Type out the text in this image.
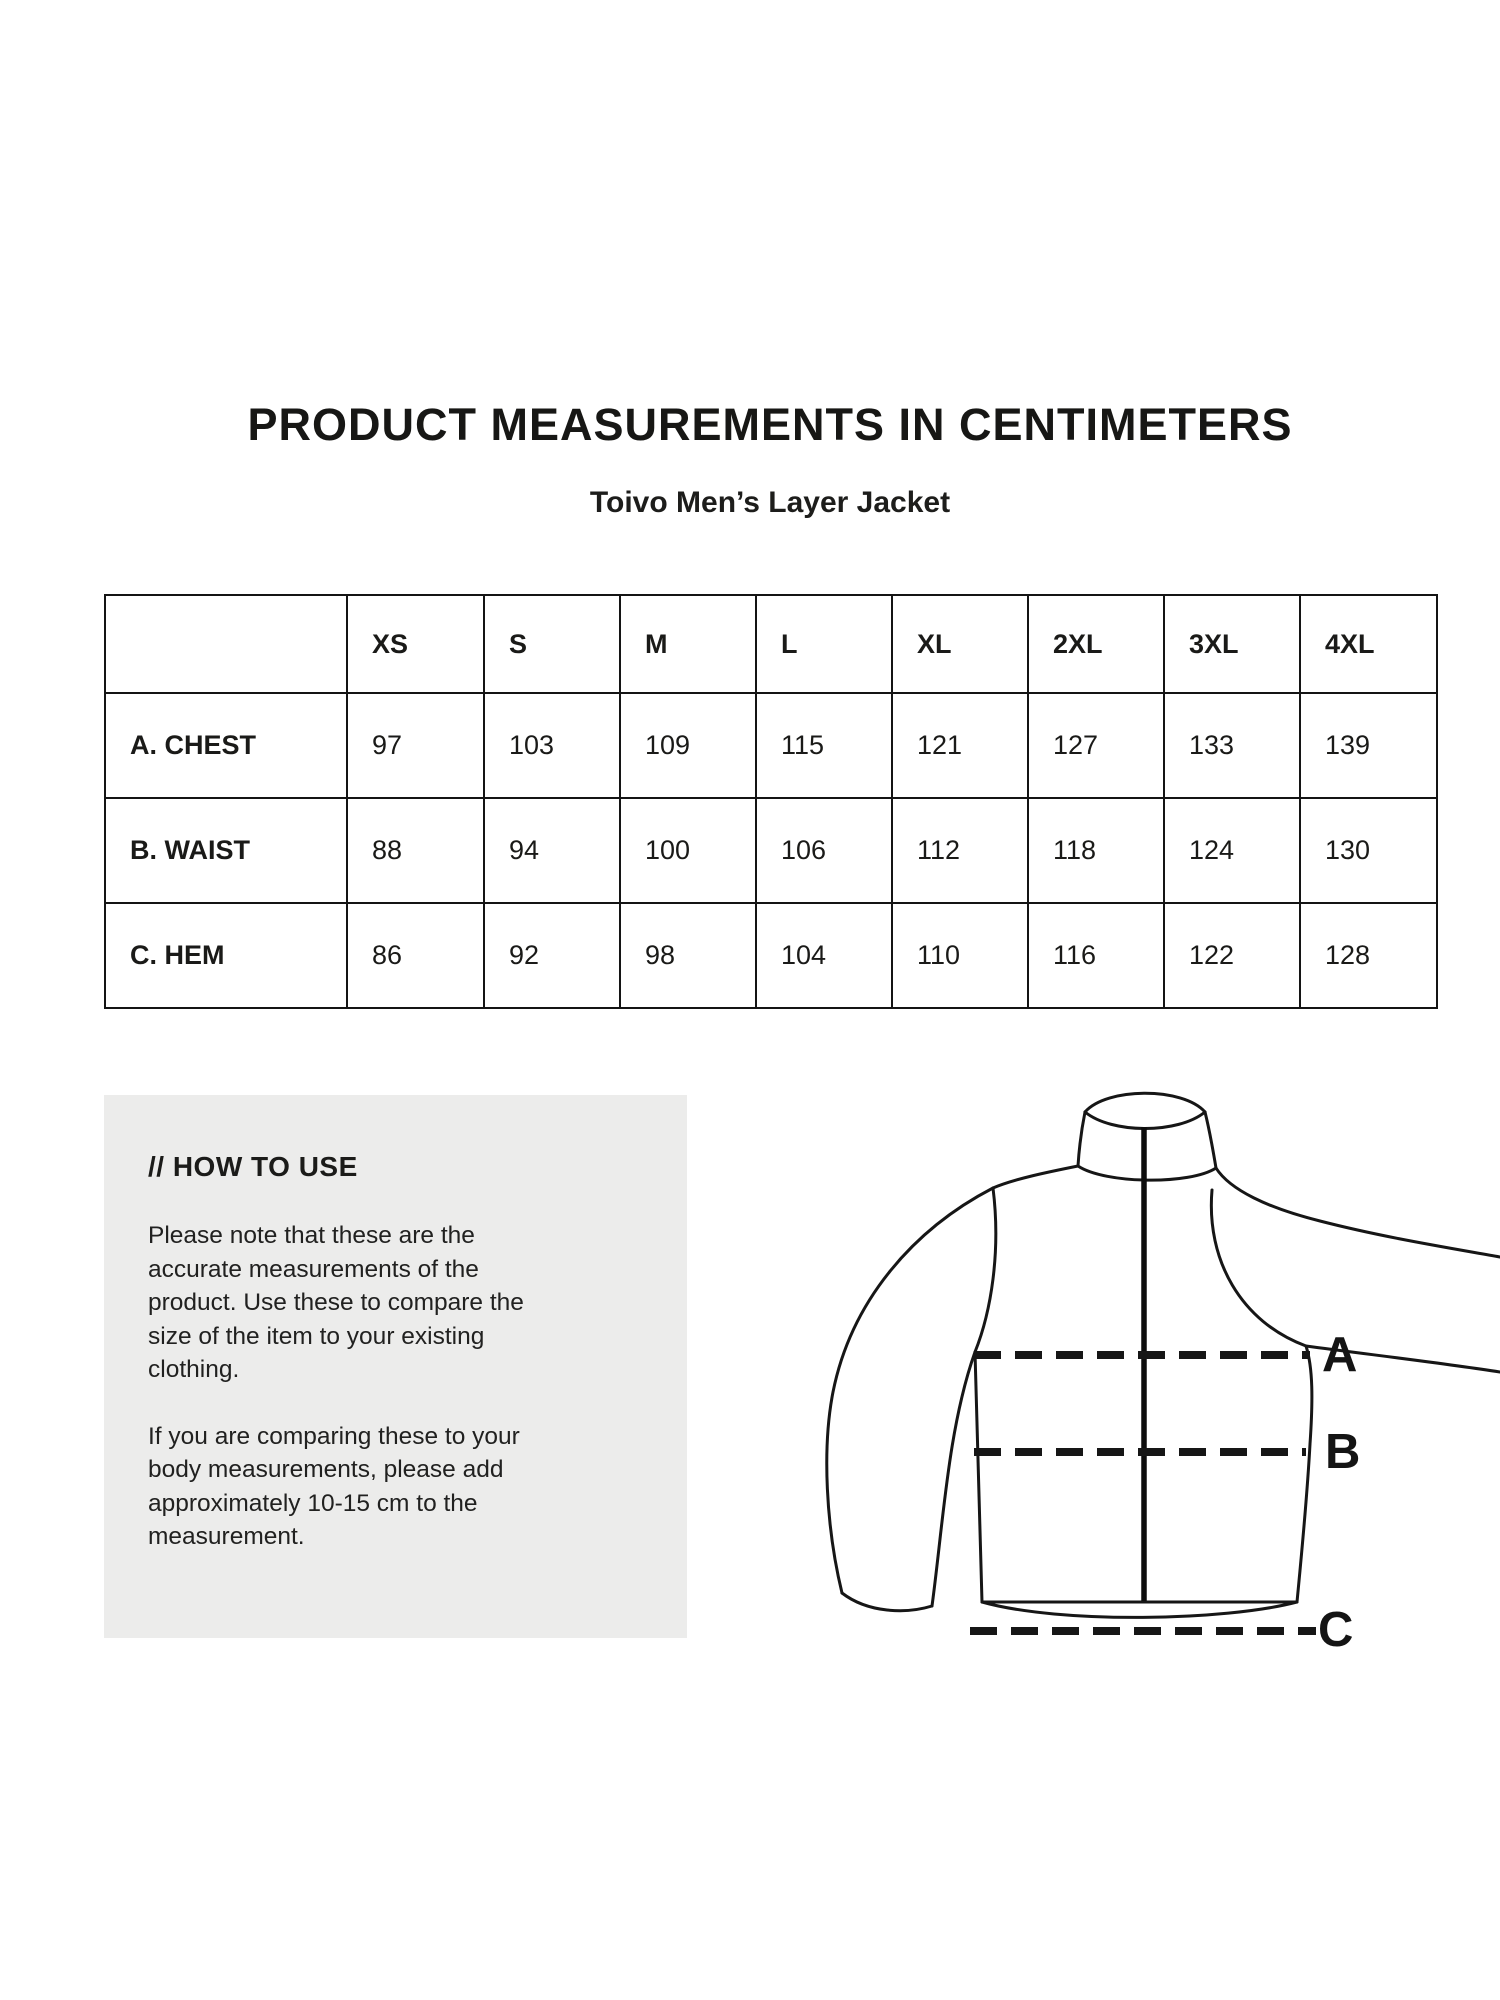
PRODUCT MEASUREMENTS IN CENTIMETERS
Toivo Men’s Layer Jacket
	XS	S	M	L	XL	2XL	3XL	4XL
A. CHEST	97	103	109	115	121	127	133	139
B. WAIST	88	94	100	106	112	118	124	130
C. HEM	86	92	98	104	110	116	122	128
// HOW TO USE
Please note that these are the
accurate measurements of the
product. Use these to compare the
size of the item to your existing
clothing.
If you are comparing these to your
body measurements, please add
approximately 10-15 cm to the
measurement.
A
B
C
